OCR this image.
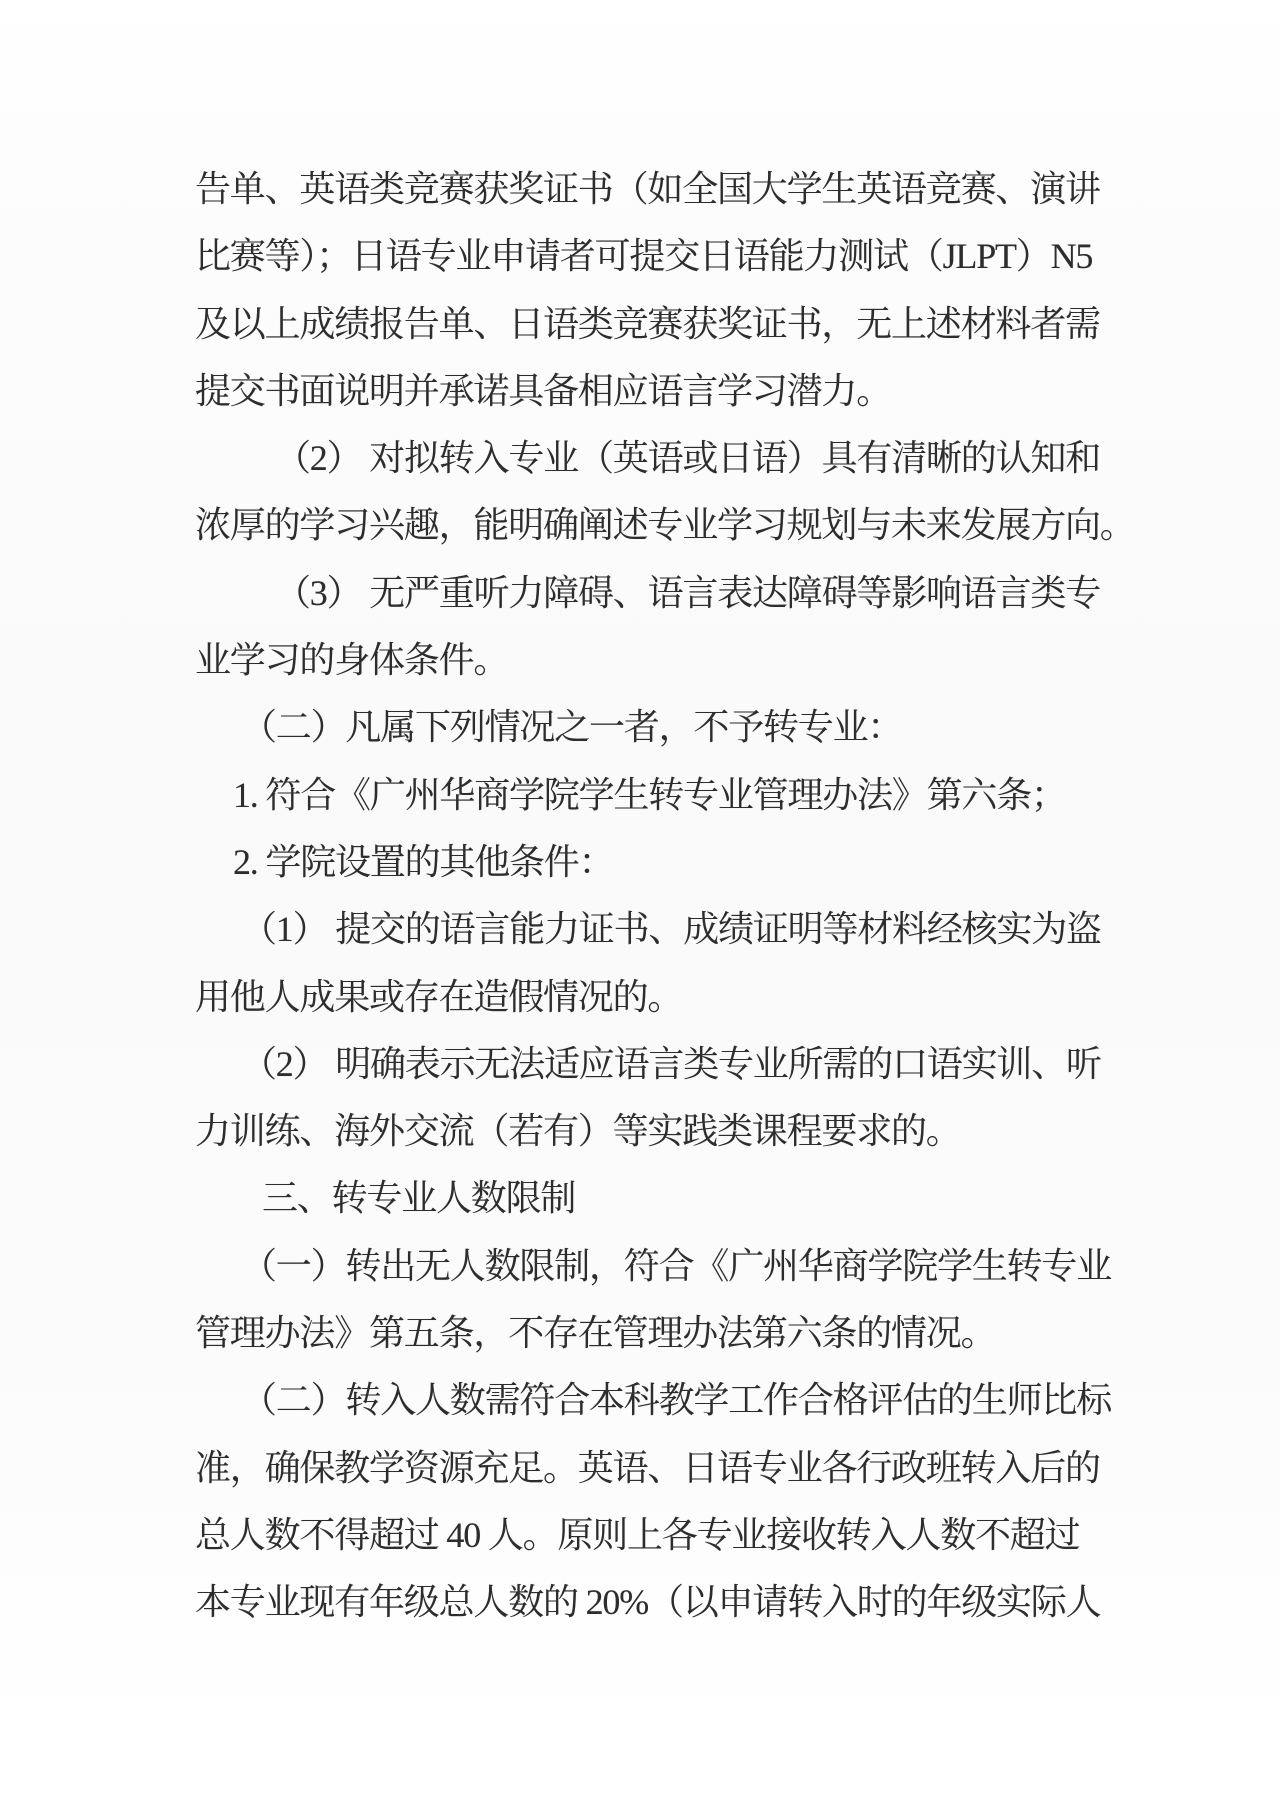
告单、英语类竞赛获奖证书（如全国大学生英语竞赛、演讲
比赛等）；日语专业申请者可提交日语能力测试（JLPT）N5
及以上成绩报告单、日语类竞赛获奖证书，无上述材料者需
提交书面说明并承诺具备相应语言学习潜力。
（2） 对拟转入专业（英语或日语）具有清晰的认知和
浓厚的学习兴趣，能明确阐述专业学习规划与未来发展方向。
（3） 无严重听力障碍、语言表达障碍等影响语言类专
业学习的身体条件。
（二）凡属下列情况之一者，不予转专业：
1. 符合《广州华商学院学生转专业管理办法》第六条；
2. 学院设置的其他条件：
（1） 提交的语言能力证书、成绩证明等材料经核实为盗
用他人成果或存在造假情况的。
（2） 明确表示无法适应语言类专业所需的口语实训、听
力训练、海外交流（若有）等实践类课程要求的。
三、转专业人数限制
（一）转出无人数限制，符合《广州华商学院学生转专业
管理办法》第五条，不存在管理办法第六条的情况。
（二）转入人数需符合本科教学工作合格评估的生师比标
准，确保教学资源充足。英语、日语专业各行政班转入后的
总人数不得超过 40 人。原则上各专业接收转入人数不超过
本专业现有年级总人数的 20%（以申请转入时的年级实际人
